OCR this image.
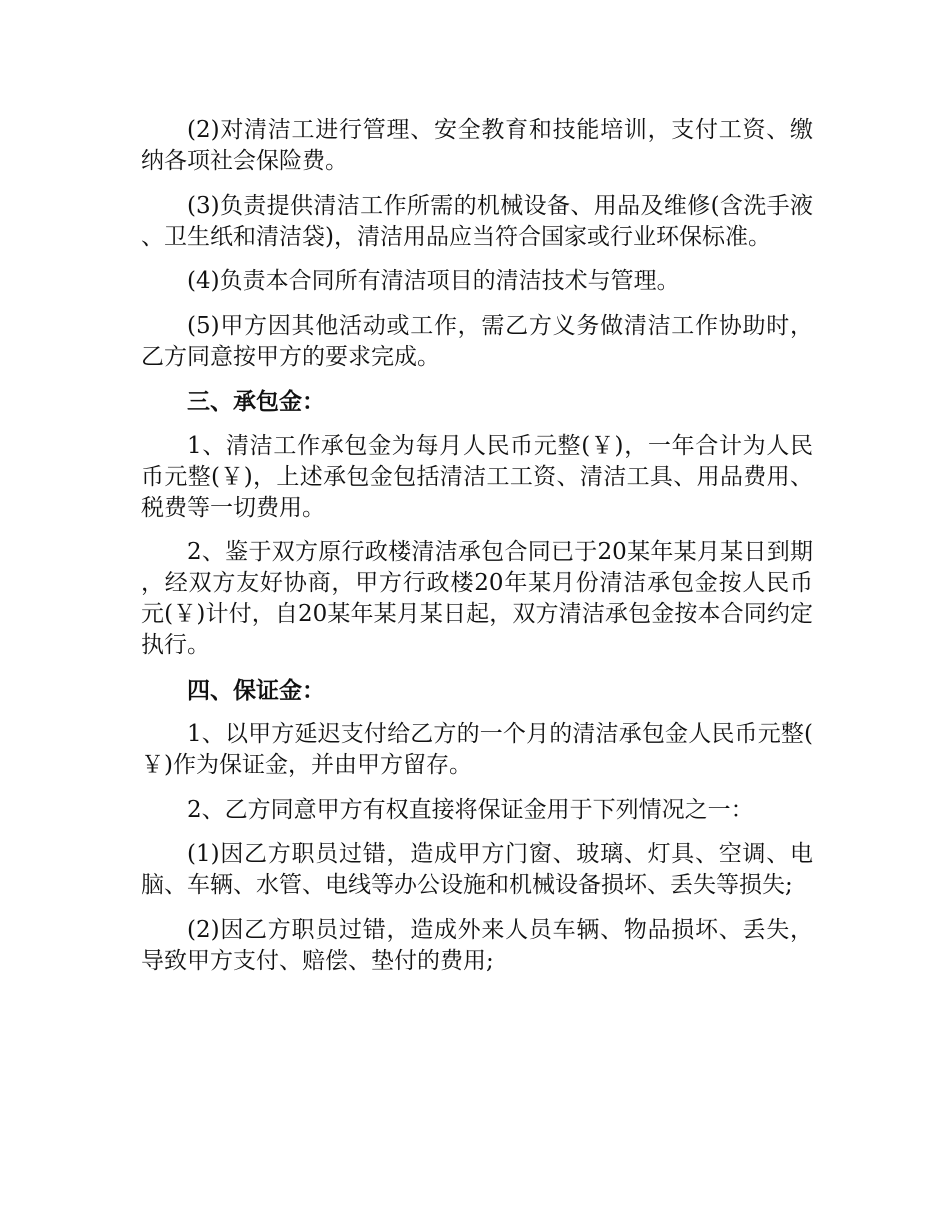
(2)对清洁工进行管理、安全教育和技能培训，支付工资、缴纳各项社会保险费。

(3)负责提供清洁工作所需的机械设备、用品及维修(含洗手液、卫生纸和清洁袋)，清洁用品应当符合国家或行业环保标准。

(4)负责本合同所有清洁项目的清洁技术与管理。

(5)甲方因其他活动或工作，需乙方义务做清洁工作协助时，乙方同意按甲方的要求完成。

三、承包金：

1、清洁工作承包金为每月人民币元整(￥)，一年合计为人民币元整(￥)，上述承包金包括清洁工工资、清洁工具、用品费用、税费等一切费用。

2、鉴于双方原行政楼清洁承包合同已于20某年某月某日到期，经双方友好协商，甲方行政楼20年某月份清洁承包金按人民币元(￥)计付，自20某年某月某日起，双方清洁承包金按本合同约定执行。

四、保证金：

1、以甲方延迟支付给乙方的一个月的清洁承包金人民币元整(￥)作为保证金，并由甲方留存。

2、乙方同意甲方有权直接将保证金用于下列情况之一：

(1)因乙方职员过错，造成甲方门窗、玻璃、灯具、空调、电脑、车辆、水管、电线等办公设施和机械设备损坏、丢失等损失;

(2)因乙方职员过错，造成外来人员车辆、物品损坏、丢失，导致甲方支付、赔偿、垫付的费用;
